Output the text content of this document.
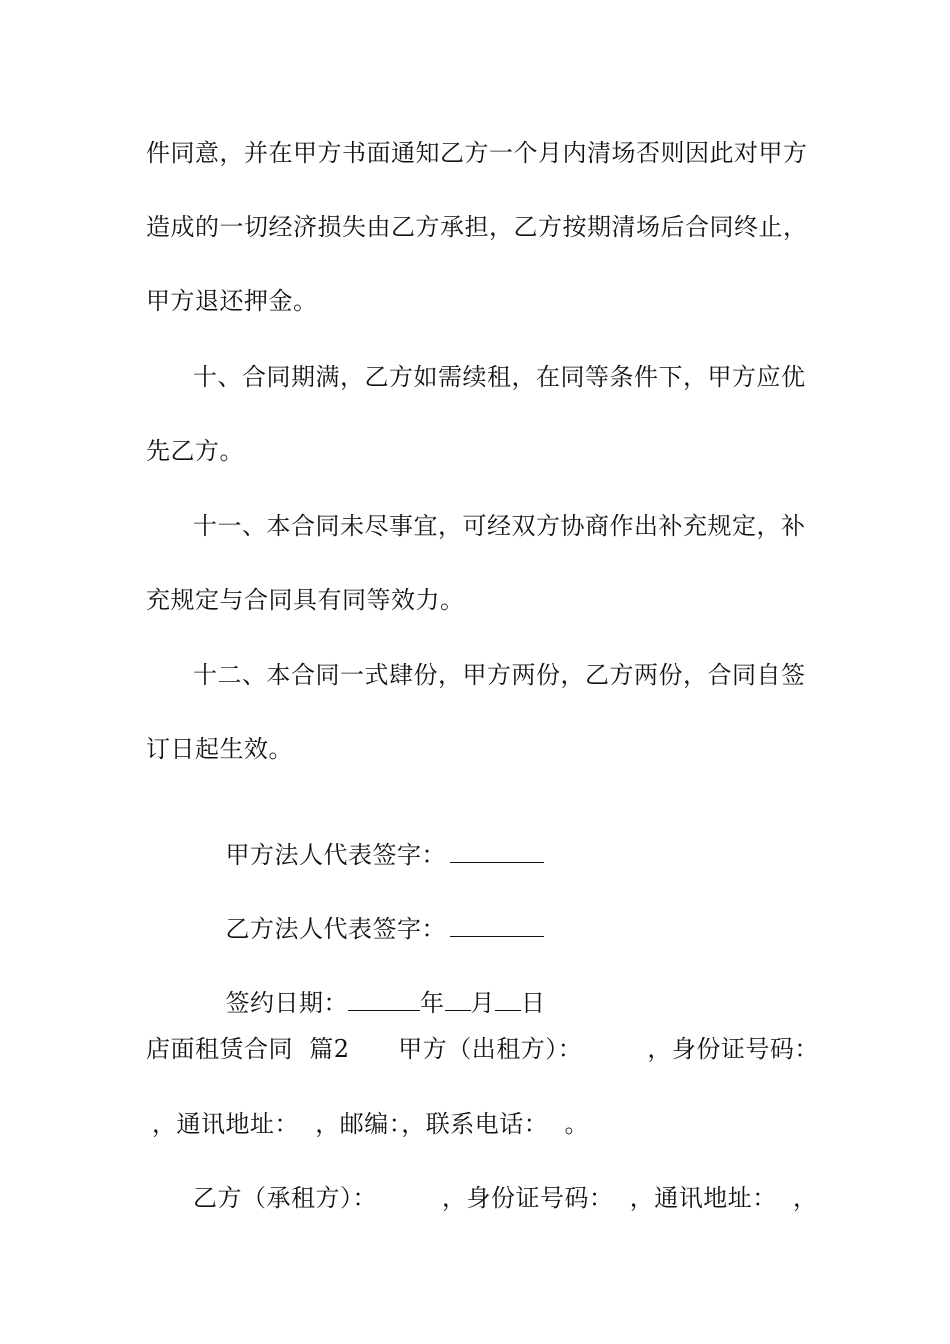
件同意，并在甲方书面通知乙方一个月内清场否则因此对甲方
造成的一切经济损失由乙方承担，乙方按期清场后合同终止，
甲方退还押金。
十、合同期满，乙方如需续租，在同等条件下，甲方应优
先乙方。
十一、本合同未尽事宜，可经双方协商作出补充规定，补
充规定与合同具有同等效力。
十二、本合同一式肆份，甲方两份，乙方两份，合同自签
订日起生效。

甲方法人代表签字：

乙方法人代表签字：

签约日期：	年 月 日

店面租赁合同  篇2      甲方（出租方）：        ，身份证号码：
，通讯地址：  ，邮编：，联系电话：  。
乙方（承租方）：        ，身份证号码：  ，通讯地址：  ，
